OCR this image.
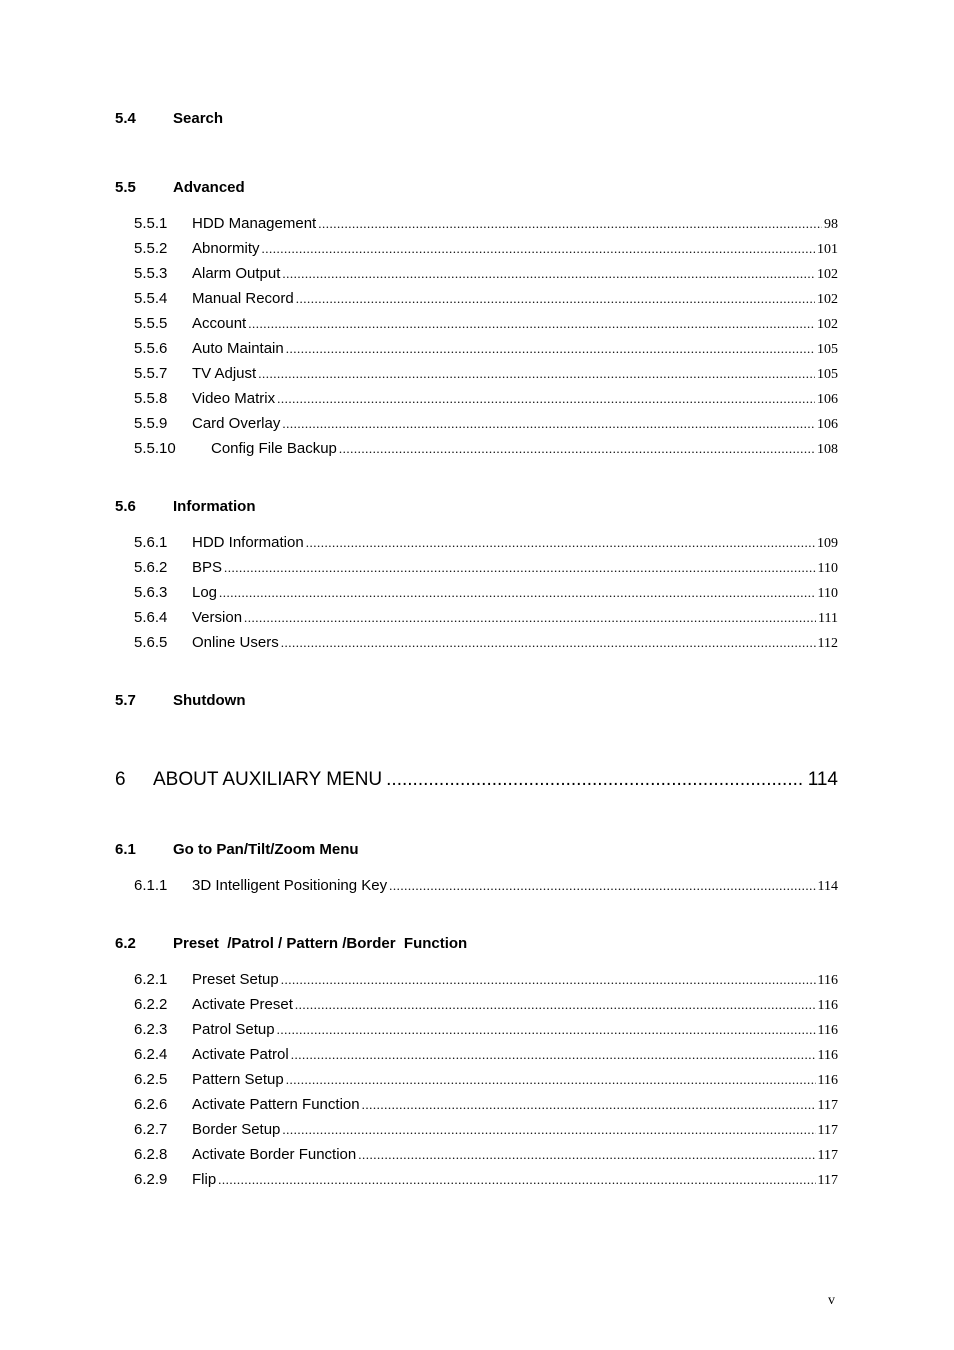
5.4 Search
5.5 Advanced
5.5.1	HDD Management .....	98
5.5.2	Abnormity .....	101
5.5.3	Alarm Output .....	102
5.5.4	Manual Record .....	102
5.5.5	Account .....	102
5.5.6	Auto Maintain .....	105
5.5.7	TV Adjust .....	105
5.5.8	Video Matrix .....	106
5.5.9	Card Overlay .....	106
5.5.10	Config File Backup .....	108
5.6 Information
5.6.1	HDD Information .....	109
5.6.2	BPS .....	110
5.6.3	Log .....	110
5.6.4	Version .....	111
5.6.5	Online Users .....	112
5.7 Shutdown
6 ABOUT AUXILIARY MENU .....	114
6.1 Go to Pan/Tilt/Zoom Menu
6.1.1	3D Intelligent Positioning Key .....	114
6.2 Preset  /Patrol / Pattern /Border  Function
6.2.1	Preset Setup .....	116
6.2.2	Activate Preset .....	116
6.2.3	Patrol Setup .....	116
6.2.4	Activate Patrol .....	116
6.2.5	Pattern Setup .....	116
6.2.6	Activate Pattern Function .....	117
6.2.7	Border Setup .....	117
6.2.8	Activate Border Function .....	117
6.2.9	Flip .....	117
v
